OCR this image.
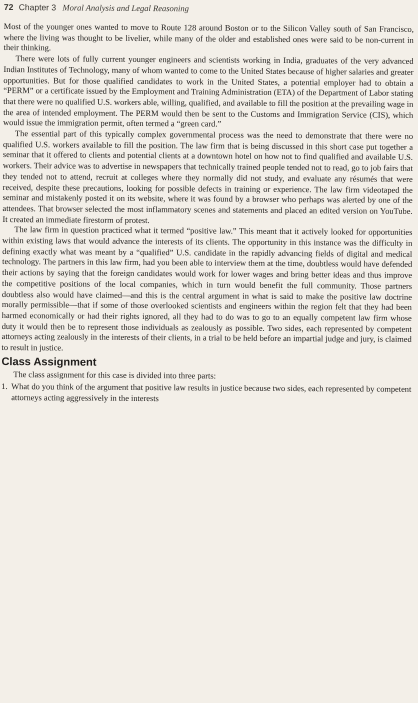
72 Chapter 3 Moral Analysis and Legal Reasoning

Most of the younger ones wanted to move to Route 128 around Boston or to the Silicon Valley south of San Francisco, where the living was thought to be livelier, while many of the older and established ones were said to be non-current in their thinking.

There were lots of fully current younger engineers and scientists working in India, graduates of the very advanced Indian Institutes of Technology, many of whom wanted to come to the United States because of higher salaries and greater opportunities. But for those qualified candidates to work in the United States, a potential employer had to obtain a “PERM” or a certificate issued by the Employment and Training Administration (ETA) of the Department of Labor stating that there were no qualified U.S. workers able, willing, qualified, and available to fill the position at the prevailing wage in the area of intended employment. The PERM would then be sent to the Customs and Immigration Service (CIS), which would issue the immigration permit, often termed a “green card.”

The essential part of this typically complex governmental process was the need to demonstrate that there were no qualified U.S. workers available to fill the position. The law firm that is being discussed in this short case put together a seminar that it offered to clients and potential clients at a downtown hotel on how not to find qualified and available U.S. workers. Their advice was to advertise in newspapers that technically trained people tended not to read, go to job fairs that they tended not to attend, recruit at colleges where they normally did not study, and evaluate any résumés that were received, despite these precautions, looking for possible defects in training or experience. The law firm videotaped the seminar and mistakenly posted it on its website, where it was found by a browser who perhaps was alerted by one of the attendees. That browser selected the most inflammatory scenes and statements and placed an edited version on YouTube. It created an immediate firestorm of protest.

The law firm in question practiced what it termed “positive law.” This meant that it actively looked for opportunities within existing laws that would advance the interests of its clients. The opportunity in this instance was the difficulty in defining exactly what was meant by a “qualified” U.S. candidate in the rapidly advancing fields of digital and medical technology. The partners in this law firm, had you been able to interview them at the time, doubtless would have defended their actions by saying that the foreign candidates would work for lower wages and bring better ideas and thus improve the competitive positions of the local companies, which in turn would benefit the full community. Those partners doubtless also would have claimed—and this is the central argument in what is said to make the positive law doctrine morally permissible—that if some of those overlooked scientists and engineers within the region felt that they had been harmed economically or had their rights ignored, all they had to do was to go to an equally competent law firm whose duty it would then be to represent those individuals as zealously as possible. Two sides, each represented by competent attorneys acting zealously in the interests of their clients, in a trial to be held before an impartial judge and jury, is claimed to result in justice.

Class Assignment

The class assignment for this case is divided into three parts:

1. What do you think of the argument that positive law results in justice because two sides, each represented by competent attorneys acting aggressively in the interests
